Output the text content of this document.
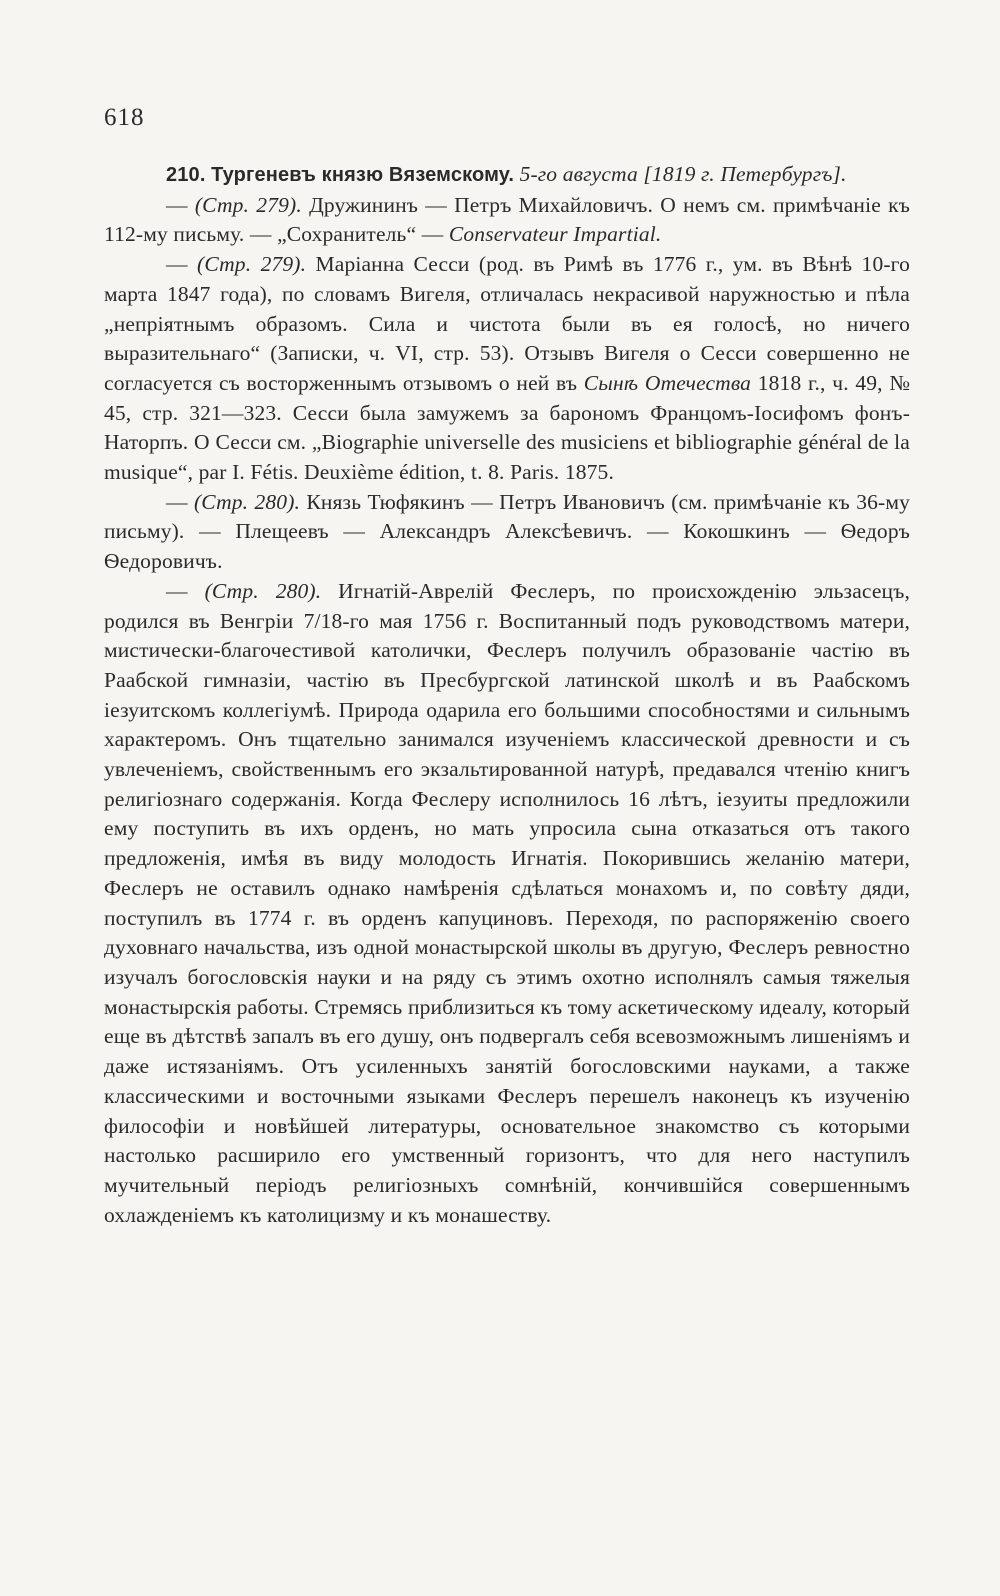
618

210. Тургеневъ князю Вяземскому. 5-го августа [1819 г. Петербургъ].

— (Стр. 279). Дружининъ — Петръ Михайловичъ. О немъ см. примѣчаніе къ 112-му письму. — „Сохранитель“ — Conservateur Impartial.

— (Стр. 279). Маріанна Сесси (род. въ Римѣ въ 1776 г., ум. въ Вѣнѣ 10-го марта 1847 года), по словамъ Вигеля, отличалась некрасивой наружностью и пѣла „непріятнымъ образомъ. Сила и чистота были въ ея голосѣ, но ничего выразительнаго“ (Записки, ч. VI, стр. 53). Отзывъ Вигеля о Сесси совершенно не согласуется съ восторженнымъ отзывомъ о ней въ Сынѣ Отечества 1818 г., ч. 49, № 45, стр. 321—323. Сесси была замужемъ за барономъ Францомъ-Іосифомъ фонъ-Наторпъ. О Сесси см. „Biographie universelle des musiciens et bibliographie général de la musique“, par I. Fétis. Deuxième édition, t. 8. Paris. 1875.

— (Стр. 280). Князь Тюфякинъ — Петръ Ивановичъ (см. примѣчаніе къ 36-му письму). — Плещеевъ — Александръ Алексѣевичъ. — Кокошкинъ — Ѳедоръ Ѳедоровичъ.

— (Стр. 280). Игнатій-Аврелій Феслеръ, по происхожденію эльзасецъ, родился въ Венгріи 7/18-го мая 1756 г. Воспитанный подъ руководствомъ матери, мистически-благочестивой католички, Феслеръ получилъ образованіе частію въ Раабской гимназіи, частію въ Пресбургской латинской школѣ и въ Раабскомъ іезуитскомъ коллегіумѣ. Природа одарила его большими способностями и сильнымъ характеромъ. Онъ тщательно занимался изученіемъ классической древности и съ увлеченіемъ, свойственнымъ его экзальтированной натурѣ, предавался чтенію книгъ религіознаго содержанія. Когда Феслеру исполнилось 16 лѣтъ, іезуиты предложили ему поступить въ ихъ орденъ, но мать упросила сына отказаться отъ такого предложенія, имѣя въ виду молодость Игнатія. Покорившись желанію матери, Феслеръ не оставилъ однако намѣренія сдѣлаться монахомъ и, по совѣту дяди, поступилъ въ 1774 г. въ орденъ капуциновъ. Переходя, по распоряженію своего духовнаго начальства, изъ одной монастырской школы въ другую, Феслеръ ревностно изучалъ богословскія науки и на ряду съ этимъ охотно исполнялъ самыя тяжелыя монастырскія работы. Стремясь приблизиться къ тому аскетическому идеалу, который еще въ дѣтствѣ запалъ въ его душу, онъ подвергалъ себя всевозможнымъ лишеніямъ и даже истязаніямъ. Отъ усиленныхъ занятій богословскими науками, а также классическими и восточными языками Феслеръ перешелъ наконецъ къ изученію философіи и новѣйшей литературы, основательное знакомство съ которыми настолько расширило его умственный горизонтъ, что для него наступилъ мучительный періодъ религіозныхъ сомнѣній, кончившійся совершеннымъ охлажденіемъ къ католицизму и къ монашеству.
